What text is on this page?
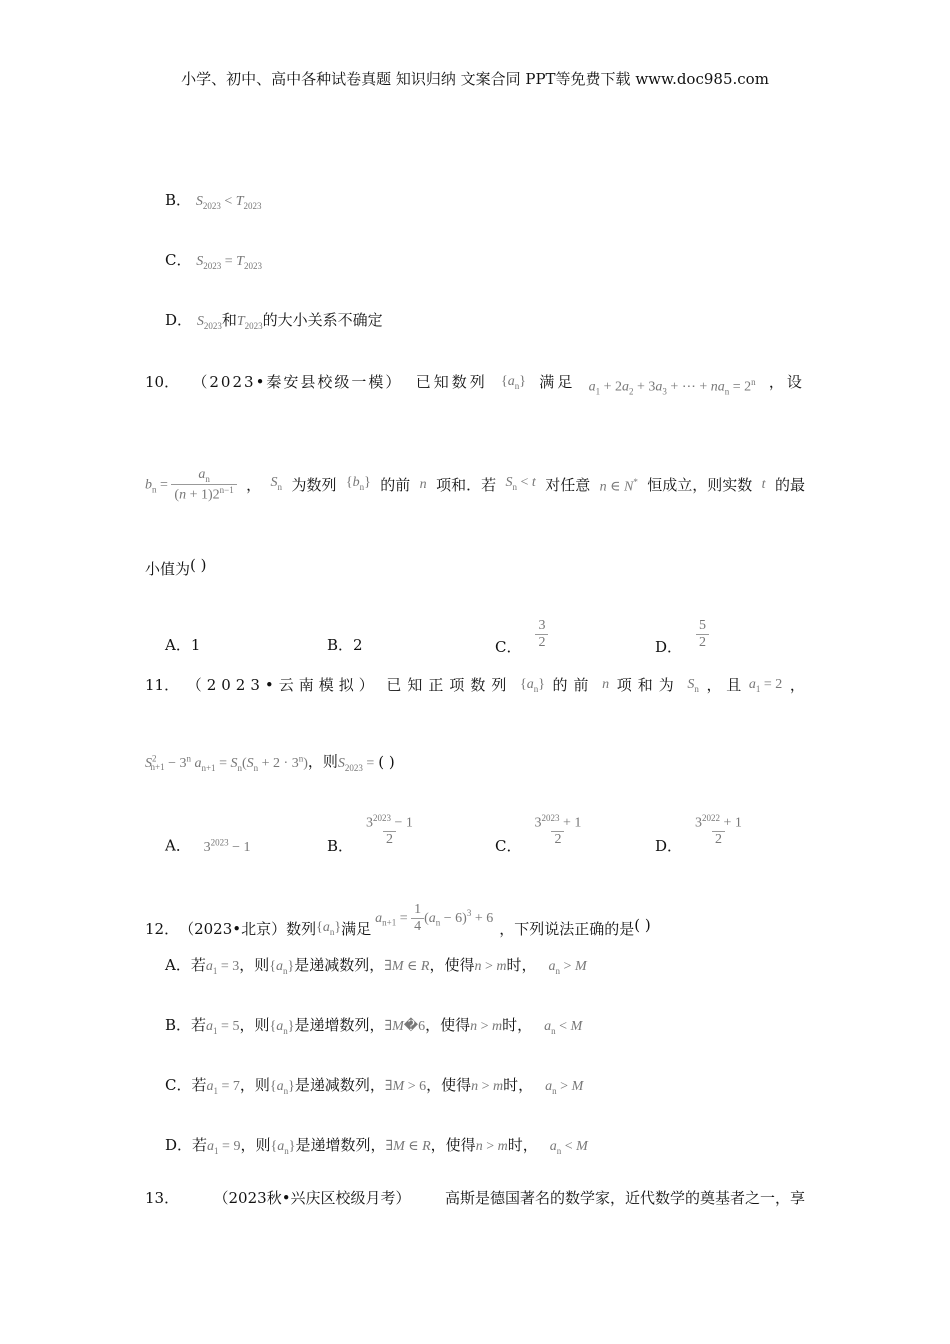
小学、初中、高中各种试卷真题 知识归纳 文案合同 PPT等免费下载 www.doc985.com
B． $S_{2023} < T_{2023}$
C． $S_{2023} = T_{2023}$
D． $S_{2023}$和$T_{2023}$的大小关系不确定
10． （2023•秦安县校级一模） 已知数列 $\{a_n\}$ 满足 $a_1 + 2a_2 + 3a_3$ + ⋯ + $na_n = 2^n$ ，设
$b_n = \frac{a_n}{(n + 1)2^{n-1}}$ ， $S_n$ 为数列 $\{b_n\}$ 的前 n 项和．若 $S_n < t$ 对任意 n ∈ N* 恒成立，则实数 t 的最
小值为( )
A．1	B．2	C． $\frac{3}{2}$	D． $\frac{5}{2}$
11． （2023•云南模拟） 已知正项数列 $\{a_n\}$ 的前 n 项和为 $S_n$ ， 且 $a_1 = 2$ ，
$S^2_{n+1} - 3^n$ $a_{n+1} = S_n(S_n + 2 \cdot 3^n)$，则$S_{2023}$ = ( )
A． $3^{2023} - 1$	B． $\frac{3^{2023} - 1}{2}$	C． $\frac{3^{2023} + 1}{2}$	D． $\frac{3^{2022} + 1}{2}$
12． （2023•北京） 数列 $\{a_n\}$ 满足
$a_{n+1} = \frac{1}{4} (a_n - 6)^3 + 6$
，下列说法正确的是 ( )
A．若$a_1 = 3$，则$\{a_n\}$是递减数列，∃M ∈ R，使得n > m时， $a_n > M$
B．若$a_1 = 5$，则$\{a_n\}$是递增数列，∃M�6，使得n > m时， $a_n < M$
C．若$a_1 = 7$，则$\{a_n\}$是递减数列，∃M > 6，使得n > m时， $a_n > M$
D．若$a_1 = 9$，则$\{a_n\}$是递增数列，∃M ∈ R，使得n > m时， $a_n < M$
13． （2023秋•兴庆区校级月考） 高斯是德国著名的数学家，近代数学的奠基者之一，享
